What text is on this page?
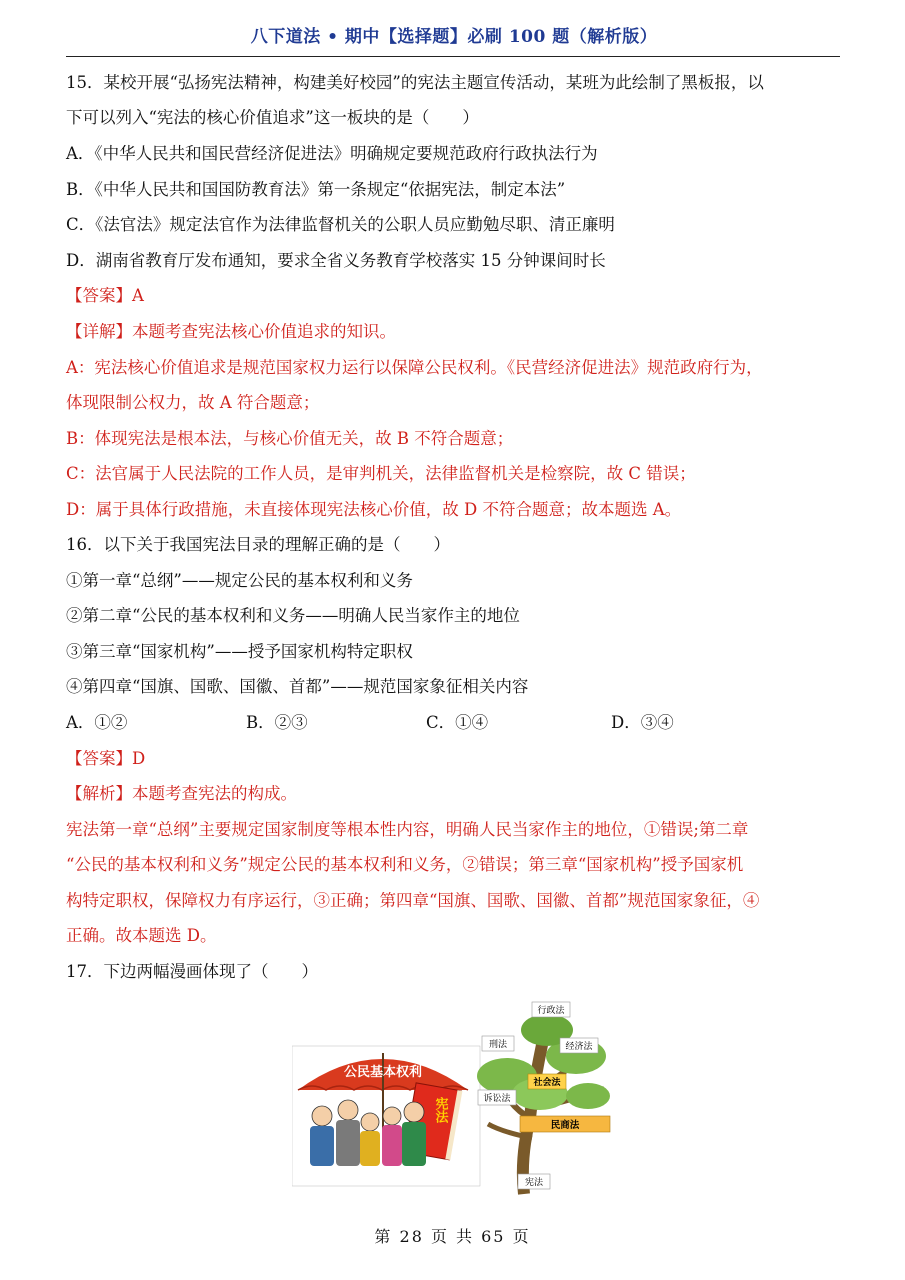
八下道法 • 期中【选择题】必刷 100 题（解析版）
15．某校开展“弘扬宪法精神，构建美好校园”的宪法主题宣传活动，某班为此绘制了黑板报，以
下可以列入“宪法的核心价值追求”这一板块的是（　　）
A．《中华人民共和国民营经济促进法》明确规定要规范政府行政执法行为
B．《中华人民共和国国防教育法》第一条规定“依据宪法，制定本法”
C．《法官法》规定法官作为法律监督机关的公职人员应勤勉尽职、清正廉明
D．湖南省教育厅发布通知，要求全省义务教育学校落实 15 分钟课间时长
【答案】A
【详解】本题考查宪法核心价值追求的知识。
A：宪法核心价值追求是规范国家权力运行以保障公民权利。《民营经济促进法》规范政府行为，
体现限制公权力，故 A 符合题意；
B：体现宪法是根本法，与核心价值无关，故 B 不符合题意；
C：法官属于人民法院的工作人员，是审判机关，法律监督机关是检察院，故 C 错误；
D：属于具体行政措施，未直接体现宪法核心价值，故 D 不符合题意；故本题选 A。
16．以下关于我国宪法目录的理解正确的是（　　）
①第一章“总纲”——规定公民的基本权利和义务
②第二章“公民的基本权利和义务——明确人民当家作主的地位
③第三章“国家机构”——授予国家机构特定职权
④第四章“国旗、国歌、国徽、首都”——规范国家象征相关内容
A．①②	B．②③	C．①④	D．③④
【答案】D
【解析】本题考查宪法的构成。
宪法第一章“总纲”主要规定国家制度等根本性内容，明确人民当家作主的地位，①错误;第二章
“公民的基本权利和义务”规定公民的基本权利和义务，②错误；第三章“国家机构”授予国家机
构特定职权，保障权力有序运行，③正确；第四章“国旗、国歌、国徽、首都”规范国家象征，④
正确。故本题选 D。
17．下边两幅漫画体现了（　　）
公民基本权利
宪法
行政法
刑法	经济法
社会法
诉讼法
民商法
宪法
第 28 页 共 65 页
